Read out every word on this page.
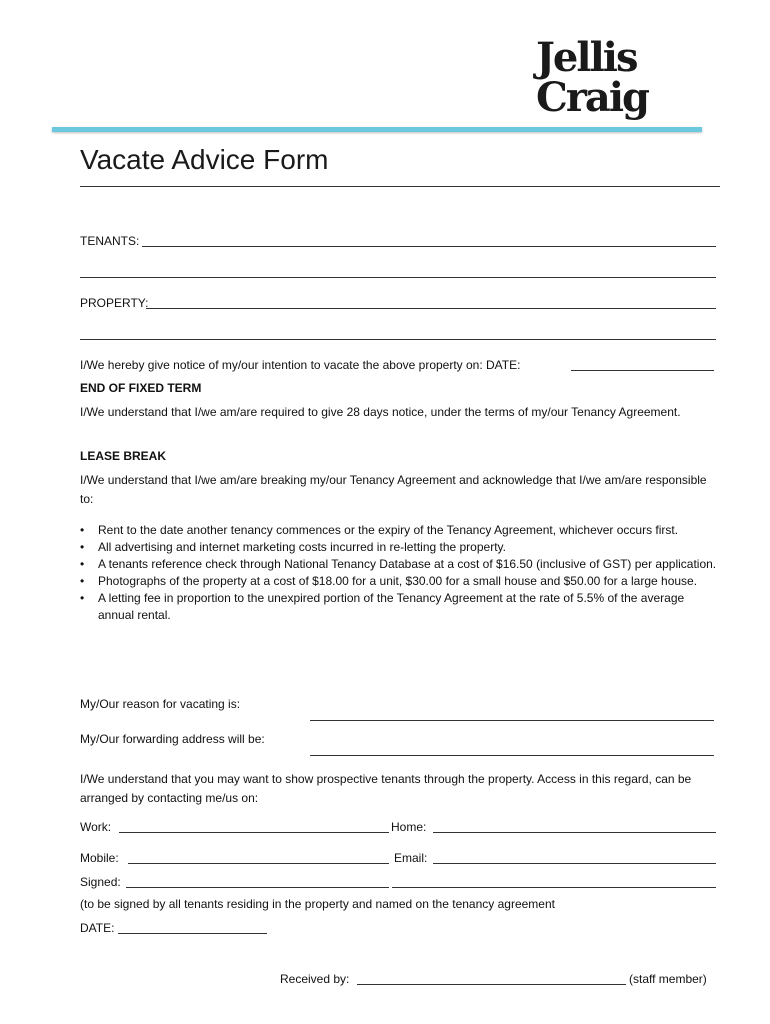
Jellis
Craig
Vacate Advice Form
TENANTS:
PROPERTY:
I/We hereby give notice of my/our intention to vacate the above property on: DATE:
END OF FIXED TERM
I/We understand that I/we am/are required to give 28 days notice, under the terms of my/our Tenancy Agreement.
LEASE BREAK
I/We understand that I/we am/are breaking my/our Tenancy Agreement and acknowledge that I/we am/are responsible to:
• Rent to the date another tenancy commences or the expiry of the Tenancy Agreement, whichever occurs first.
• All advertising and internet marketing costs incurred in re-letting the property.
• A tenants reference check through National Tenancy Database at a cost of $16.50 (inclusive of GST) per application.
• Photographs of the property at a cost of $18.00 for a unit, $30.00 for a small house and $50.00 for a large house.
• A letting fee in proportion to the unexpired portion of the Tenancy Agreement at the rate of 5.5% of the average annual rental.
My/Our reason for vacating is:
My/Our forwarding address will be:
I/We understand that you may want to show prospective tenants through the property. Access in this regard, can be arranged by contacting me/us on:
Work:	Home:
Mobile:	Email:
Signed:
(to be signed by all tenants residing in the property and named on the tenancy agreement
DATE:
Received by:	(staff member)
